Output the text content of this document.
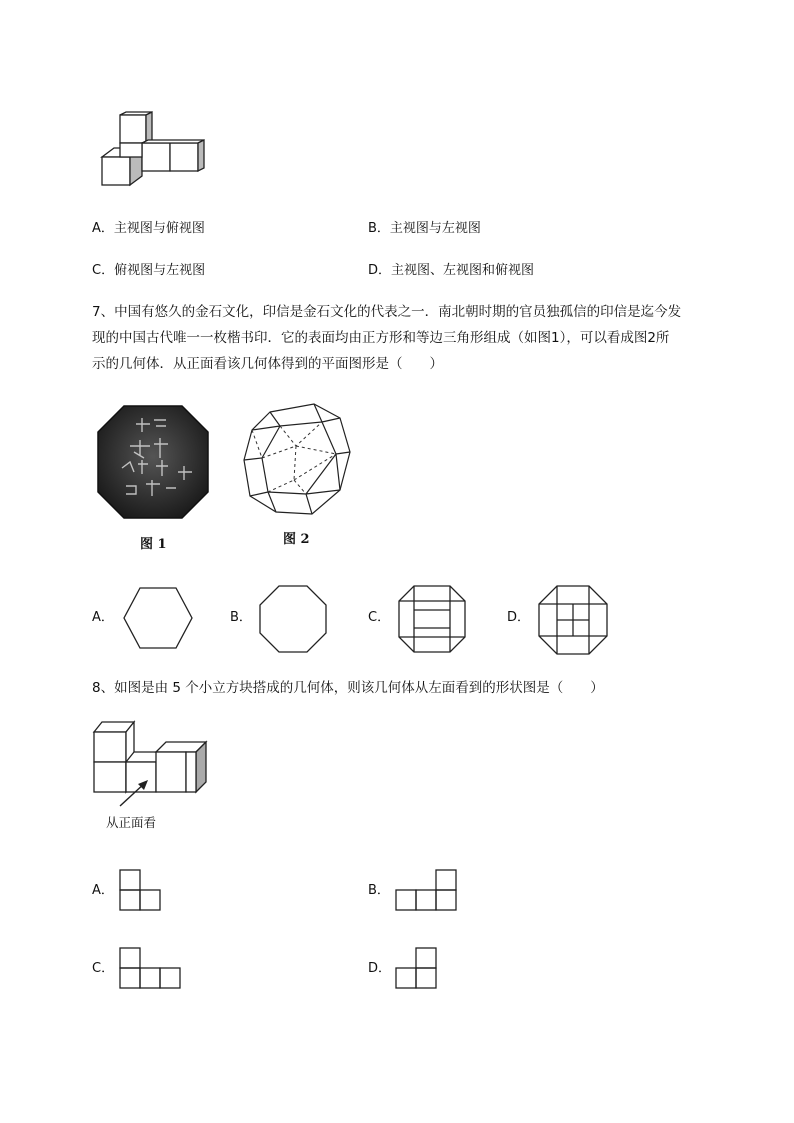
A．主视图与俯视图	B．主视图与左视图
C．俯视图与左视图	D．主视图、左视图和俯视图
7、中国有悠久的金石文化，印信是金石文化的代表之一．南北朝时期的官员独孤信的印信是迄今发
现的中国古代唯一一枚楷书印．它的表面均由正方形和等边三角形组成（如图1），可以看成图2所
示的几何体．从正面看该几何体得到的平面图形是（　　）
图 1	图 2
A．	B．	C．	D．
8、如图是由 5 个小立方块搭成的几何体，则该几何体从左面看到的形状图是（　　）
从正面看
A．	B．
C．	D．
